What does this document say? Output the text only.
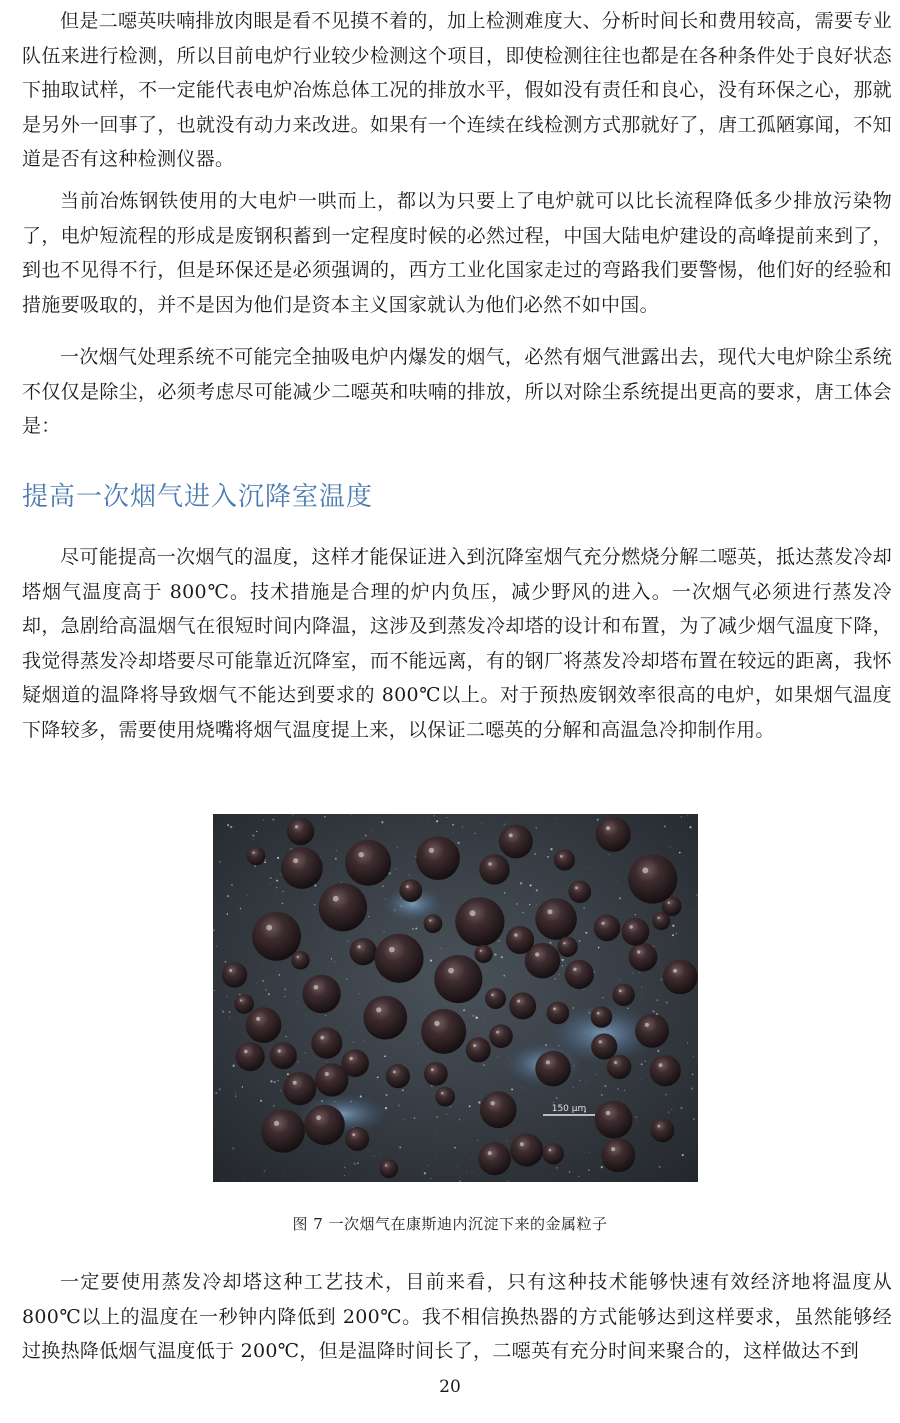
但是二噁英呋喃排放肉眼是看不见摸不着的，加上检测难度大、分析时间长和费用较高，需要专业队伍来进行检测，所以目前电炉行业较少检测这个项目，即使检测往往也都是在各种条件处于良好状态下抽取试样，不一定能代表电炉冶炼总体工况的排放水平，假如没有责任和良心，没有环保之心，那就是另外一回事了，也就没有动力来改进。如果有一个连续在线检测方式那就好了，唐工孤陋寡闻，不知道是否有这种检测仪器。

当前冶炼钢铁使用的大电炉一哄而上，都以为只要上了电炉就可以比长流程降低多少排放污染物了，电炉短流程的形成是废钢积蓄到一定程度时候的必然过程，中国大陆电炉建设的高峰提前来到了，到也不见得不行，但是环保还是必须强调的，西方工业化国家走过的弯路我们要警惕，他们好的经验和措施要吸取的，并不是因为他们是资本主义国家就认为他们必然不如中国。

一次烟气处理系统不可能完全抽吸电炉内爆发的烟气，必然有烟气泄露出去，现代大电炉除尘系统不仅仅是除尘，必须考虑尽可能减少二噁英和呋喃的排放，所以对除尘系统提出更高的要求，唐工体会是：

提高一次烟气进入沉降室温度

尽可能提高一次烟气的温度，这样才能保证进入到沉降室烟气充分燃烧分解二噁英，抵达蒸发冷却塔烟气温度高于 800℃。技术措施是合理的炉内负压，减少野风的进入。一次烟气必须进行蒸发冷却，急剧给高温烟气在很短时间内降温，这涉及到蒸发冷却塔的设计和布置，为了减少烟气温度下降，我觉得蒸发冷却塔要尽可能靠近沉降室，而不能远离，有的钢厂将蒸发冷却塔布置在较远的距离，我怀疑烟道的温降将导致烟气不能达到要求的 800℃以上。对于预热废钢效率很高的电炉，如果烟气温度下降较多，需要使用烧嘴将烟气温度提上来，以保证二噁英的分解和高温急冷抑制作用。

150 μm

图 7 一次烟气在康斯迪内沉淀下来的金属粒子

一定要使用蒸发冷却塔这种工艺技术，目前来看，只有这种技术能够快速有效经济地将温度从 800℃以上的温度在一秒钟内降低到 200℃。我不相信换热器的方式能够达到这样要求，虽然能够经过换热降低烟气温度低于 200℃，但是温降时间长了，二噁英有充分时间来聚合的，这样做达不到

20
